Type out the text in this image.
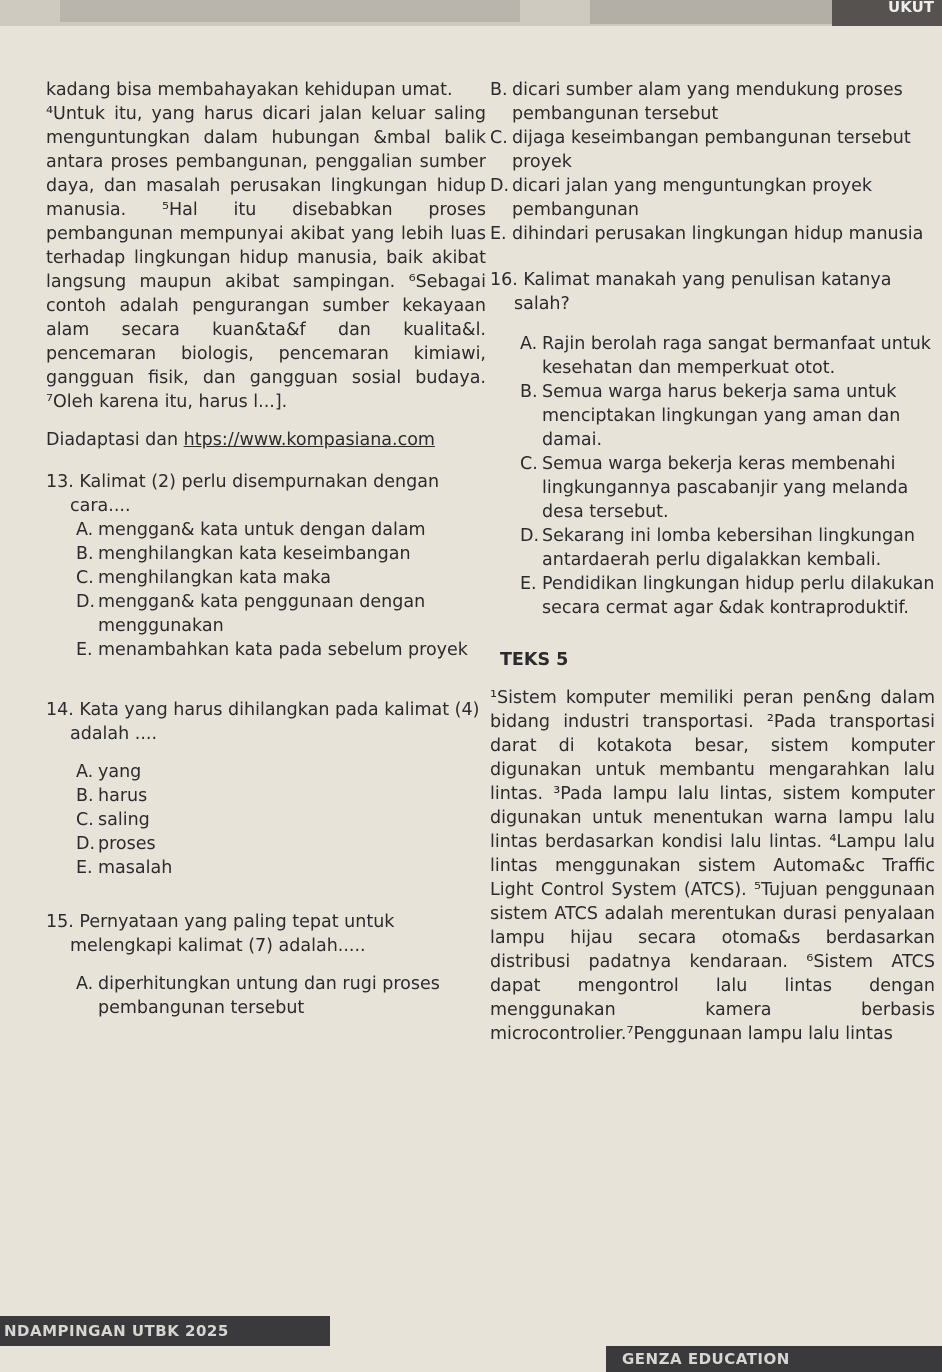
UKUT

kadang bisa membahayakan kehidupan umat.

⁴Untuk itu, yang harus dicari jalan keluar saling menguntungkan dalam hubungan &mbal balik antara proses pembangunan, penggalian sumber daya, dan masalah perusakan lingkungan hidup manusia. ⁵Hal itu disebabkan proses pembangunan mempunyai akibat yang lebih luas terhadap lingkungan hidup manusia, baik akibat langsung maupun akibat sampingan. ⁶Sebagai contoh adalah pengurangan sumber kekayaan alam secara kuan&ta&f dan kualita&l. pencemaran biologis, pencemaran kimiawi, gangguan fisik, dan gangguan sosial budaya. ⁷Oleh karena itu, harus l...].

Diadaptasi dan htps://www.kompasiana.com

13. Kalimat (2) perlu disempurnakan dengan cara....

A. menggan& kata untuk dengan dalam

B. menghilangkan kata keseimbangan

C. menghilangkan kata maka

D. menggan& kata penggunaan dengan menggunakan

E. menambahkan kata pada sebelum proyek

14. Kata yang harus dihilangkan pada kalimat (4) adalah ....

A. yang

B. harus

C. saling

D. proses

E. masalah

15. Pernyataan yang paling tepat untuk melengkapi kalimat (7) adalah.....

A. diperhitungkan untung dan rugi proses pembangunan tersebut

B. dicari sumber alam yang mendukung proses pembangunan tersebut

C. dijaga keseimbangan pembangunan tersebut proyek

D. dicari jalan yang menguntungkan proyek pembangunan

E. dihindari perusakan lingkungan hidup manusia

16. Kalimat manakah yang penulisan katanya salah?

A. Rajin berolah raga sangat bermanfaat untuk kesehatan dan memperkuat otot.

B. Semua warga harus bekerja sama untuk menciptakan lingkungan yang aman dan damai.

C. Semua warga bekerja keras membenahi lingkungannya pascabanjir yang melanda desa tersebut.

D. Sekarang ini lomba kebersihan lingkungan antardaerah perlu digalakkan kembali.

E. Pendidikan lingkungan hidup perlu dilakukan secara cermat agar &dak kontraproduktif.

TEKS 5

¹Sistem komputer memiliki peran pen&ng dalam bidang industri transportasi. ²Pada transportasi darat di kotakota besar, sistem komputer digunakan untuk membantu mengarahkan lalu lintas. ³Pada lampu lalu lintas, sistem komputer digunakan untuk menentukan warna lampu lalu lintas berdasarkan kondisi lalu lintas. ⁴Lampu lalu lintas menggunakan sistem Automa&c Traffic Light Control System (ATCS). ⁵Tujuan penggunaan sistem ATCS adalah merentukan durasi penyalaan lampu hijau secara otoma&s berdasarkan distribusi padatnya kendaraan. ⁶Sistem ATCS dapat mengontrol lalu lintas dengan menggunakan kamera berbasis microcontrolier.⁷Penggunaan lampu lalu lintas

NDAMPINGAN UTBK 2025
GENZA EDUCATION
